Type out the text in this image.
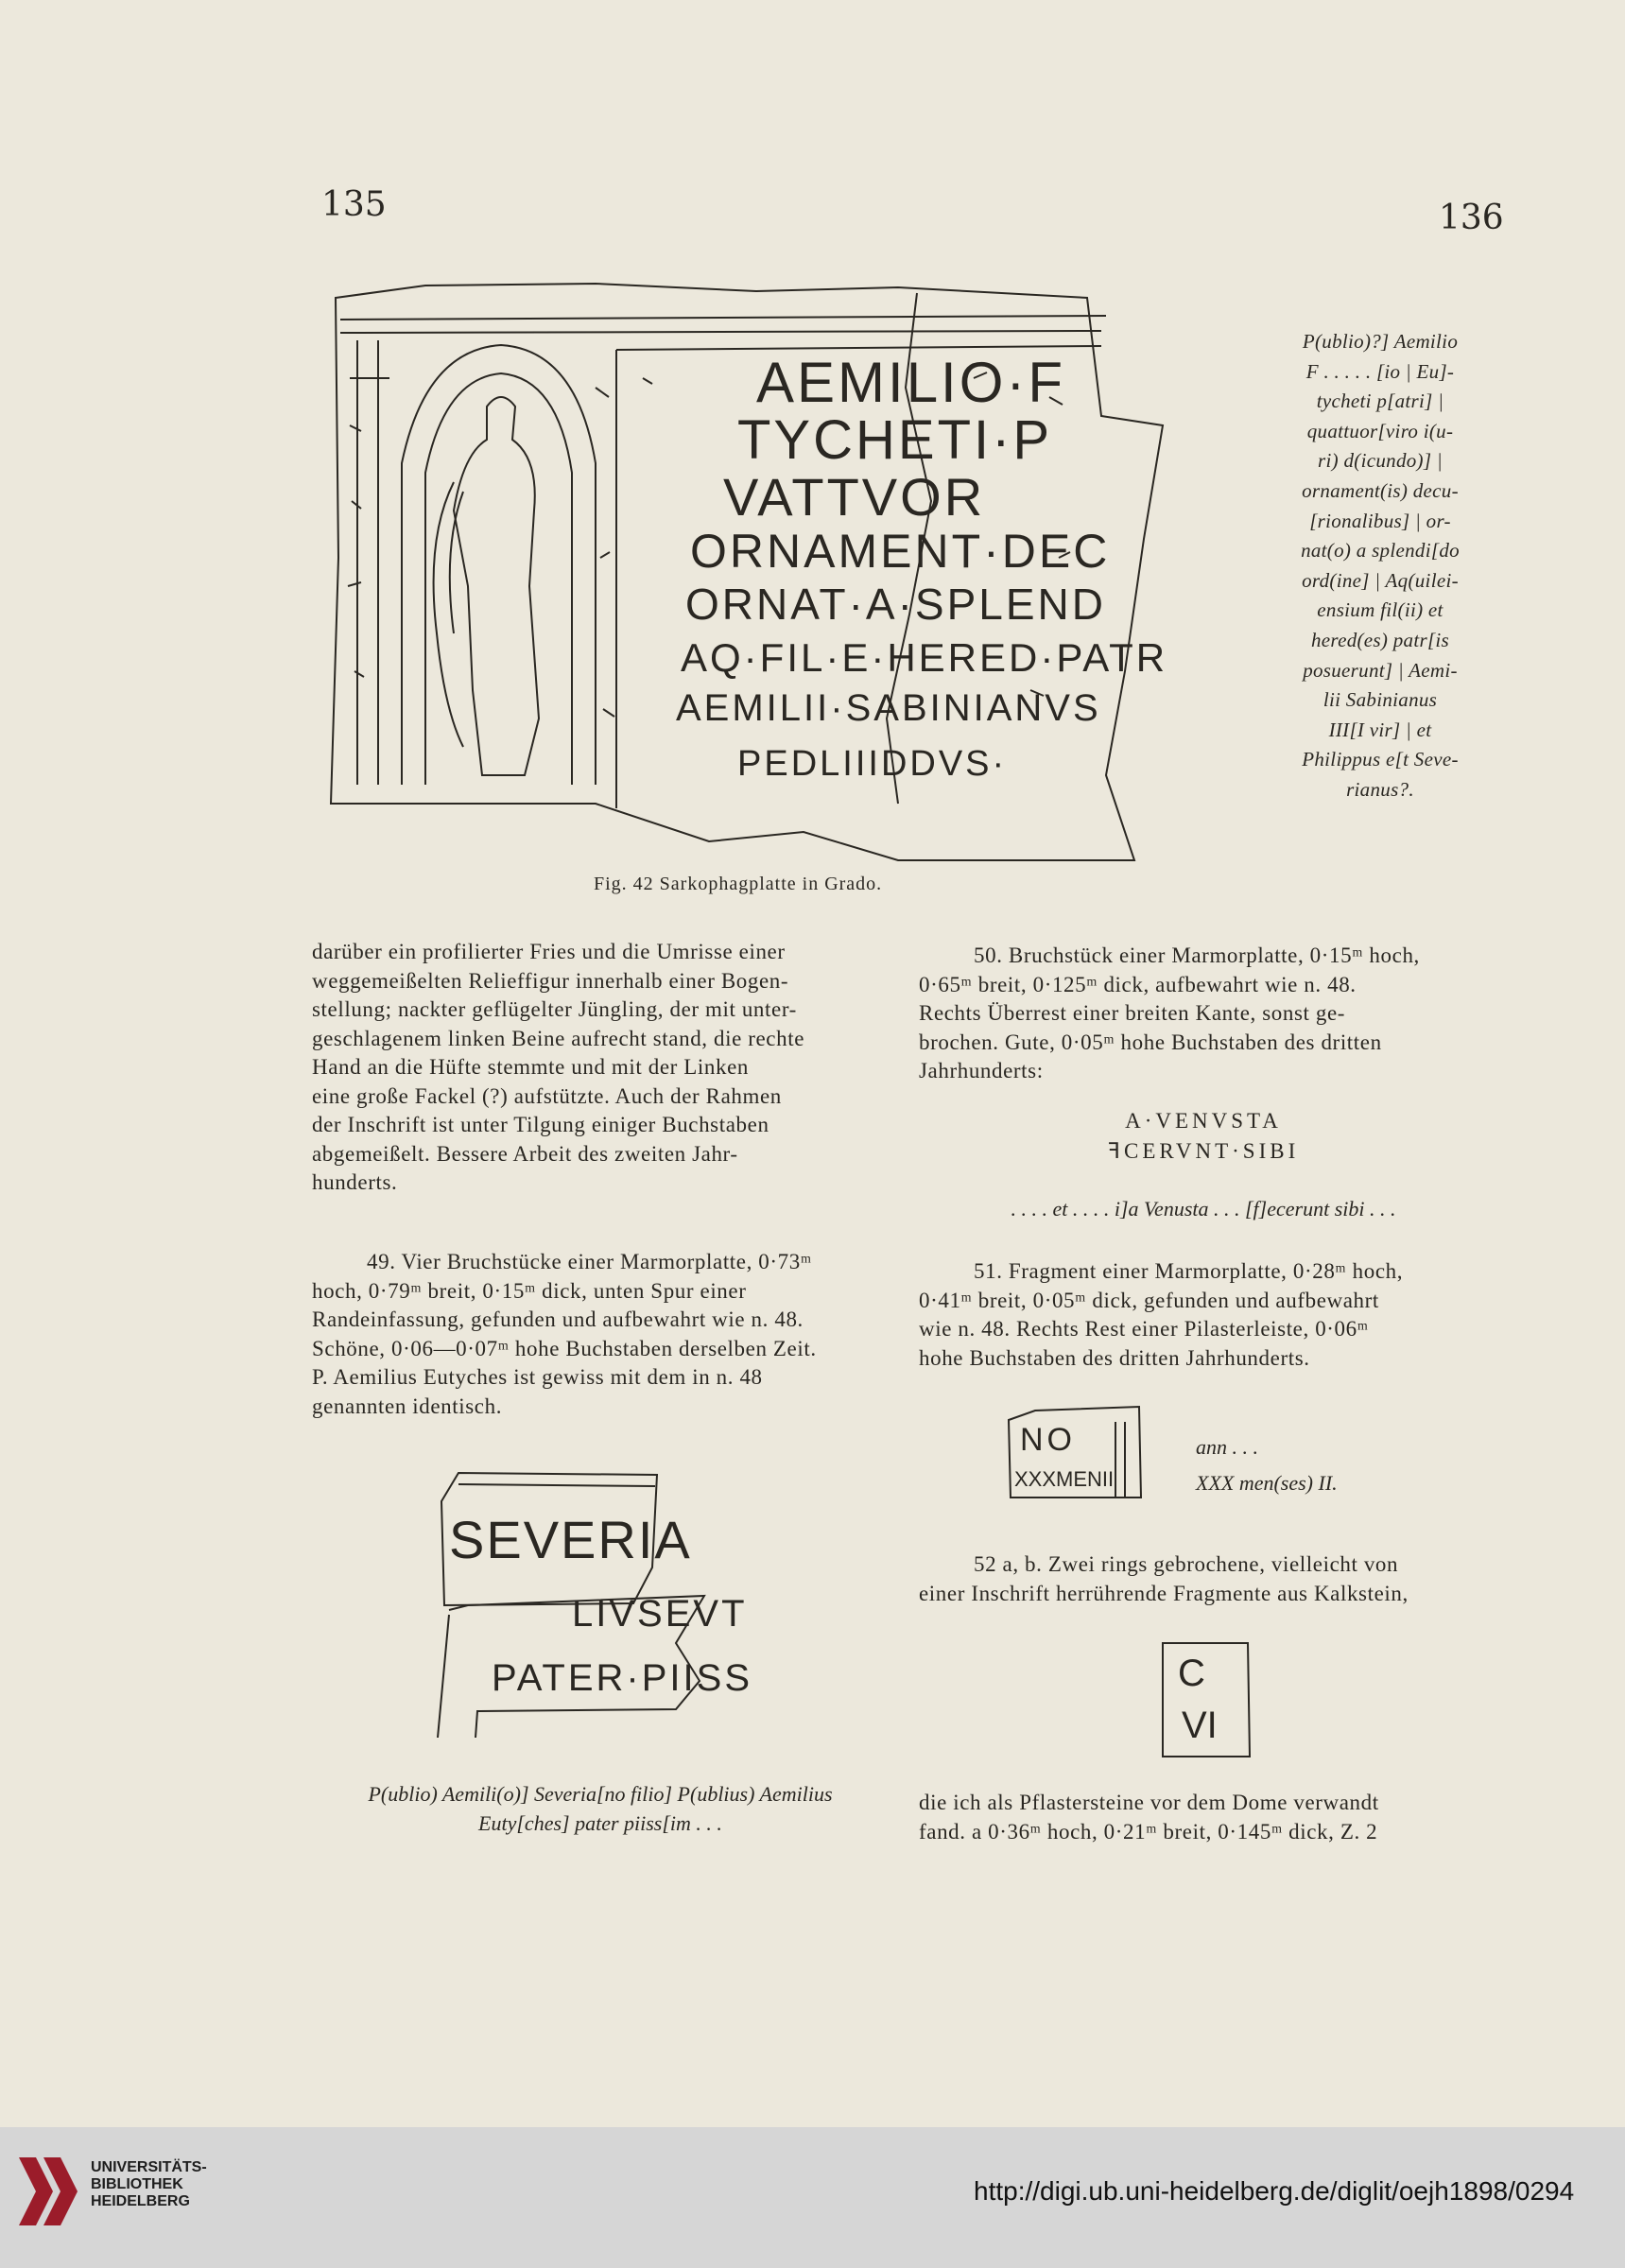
135	136
AEMILIO·F
TYCHETI·P
VATTVOR
ORNAMENT·DEC
ORNAT·A·SPLEND
AQ·FIL·E·HERED·PATR
AEMILII·SABINIANVS
PEDLIIIDDVS·
P(ublio)?] Aemilio
F . . . . . [io | Eu]-
tycheti p[atri] |
quattuor[viro i(u-
ri) d(icundo)] |
ornament(is) decu-
[rionalibus] | or-
nat(o) a splendi[do
ord(ine] | Aq(uilei-
ensium fil(ii) et
hered(es) patr[is
posuerunt] | Aemi-
lii Sabinianus
III[I vir] | et
Philippus e[t Seve-
rianus?.
Fig. 42 Sarkophagplatte in Grado.
darüber ein profilierter Fries und die Umrisse einer
weggemeißelten Relieffigur innerhalb einer Bogen-
stellung; nackter geflügelter Jüngling, der mit unter-
geschlagenem linken Beine aufrecht stand, die rechte
Hand an die Hüfte stemmte und mit der Linken
eine große Fackel (?) aufstützte. Auch der Rahmen
der Inschrift ist unter Tilgung einiger Buchstaben
abgemeißelt. Bessere Arbeit des zweiten Jahr-
hunderts.
49. Vier Bruchstücke einer Marmorplatte, 0·73ᵐ
hoch, 0·79ᵐ breit, 0·15ᵐ dick, unten Spur einer
Randeinfassung, gefunden und aufbewahrt wie n. 48.
Schöne, 0·06—0·07ᵐ hohe Buchstaben derselben Zeit.
P. Aemilius Eutyches ist gewiss mit dem in n. 48
genannten identisch.
SEVERIA
LIVSEVT
PATER·PIISS
P(ublio) Aemili(o)] Severia[no filio] P(ublius) Aemilius
Euty[ches] pater piiss[im . . .
50. Bruchstück einer Marmorplatte, 0·15ᵐ hoch,
0·65ᵐ breit, 0·125ᵐ dick, aufbewahrt wie n. 48.
Rechts Überrest einer breiten Kante, sonst ge-
brochen. Gute, 0·05ᵐ hohe Buchstaben des dritten
Jahrhunderts:
A·VENVSTA
ꟻCERVNT·SIBI
. . . . et . . . . i]a Venusta . . . [f]ecerunt sibi . . .
51. Fragment einer Marmorplatte, 0·28ᵐ hoch,
0·41ᵐ breit, 0·05ᵐ dick, gefunden und aufbewahrt
wie n. 48. Rechts Rest einer Pilasterleiste, 0·06ᵐ
hohe Buchstaben des dritten Jahrhunderts.
NO
XXXMENII
ann . . .
XXX men(ses) II.
52 a, b. Zwei rings gebrochene, vielleicht von
einer Inschrift herrührende Fragmente aus Kalkstein,
C
VI
die ich als Pflastersteine vor dem Dome verwandt
fand. a 0·36ᵐ hoch, 0·21ᵐ breit, 0·145ᵐ dick, Z. 2
UNIVERSITÄTS-
BIBLIOTHEK
HEIDELBERG	http://digi.ub.uni-heidelberg.de/diglit/oejh1898/0294
